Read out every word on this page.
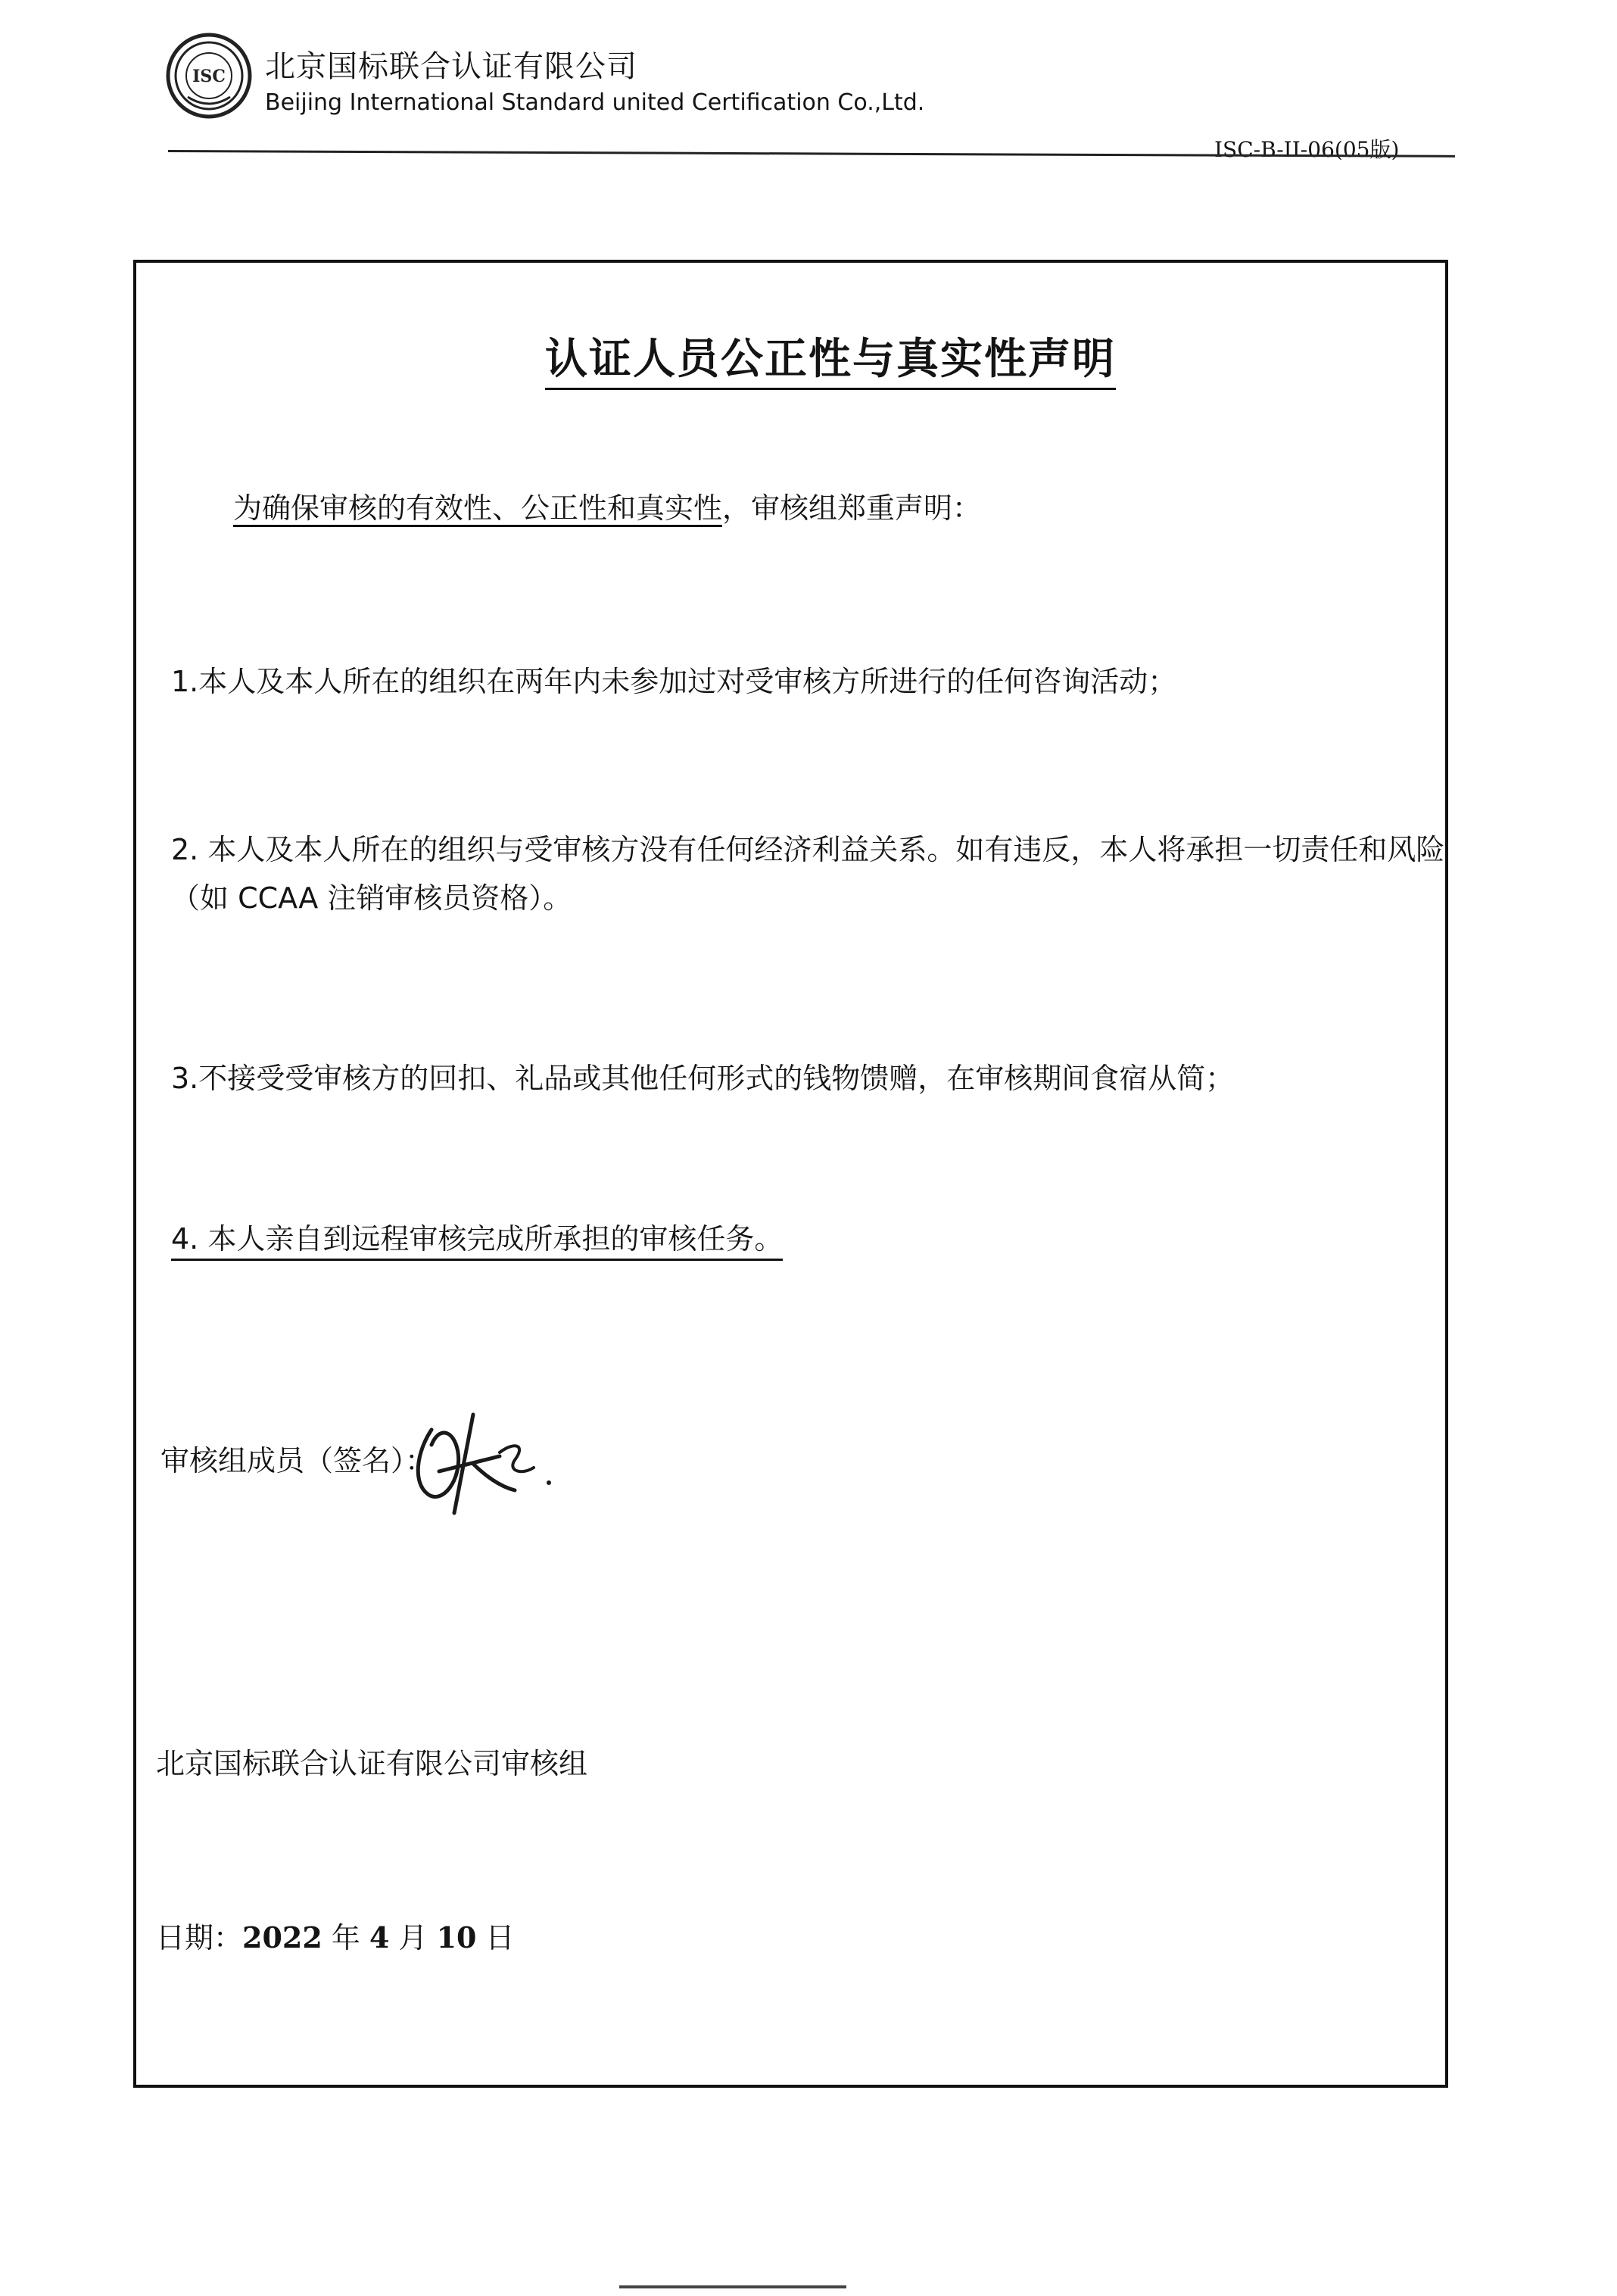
ISC 北京国标联合认证有限公司
Beijing International Standard united Certification Co.,Ltd.
ISC-B-II-06(05版)
认证人员公正性与真实性声明
为确保审核的有效性、公正性和真实性，审核组郑重声明：
1.本人及本人所在的组织在两年内未参加过对受审核方所进行的任何咨询活动；
2. 本人及本人所在的组织与受审核方没有任何经济利益关系。如有违反，本人将承担一切责任和风险（如 CCAA 注销审核员资格）。
3.不接受受审核方的回扣、礼品或其他任何形式的钱物馈赠，在审核期间食宿从简；
4. 本人亲自到远程审核完成所承担的审核任务。
审核组成员（签名）：
北京国标联合认证有限公司审核组
日期：2022 年 4 月 10 日
